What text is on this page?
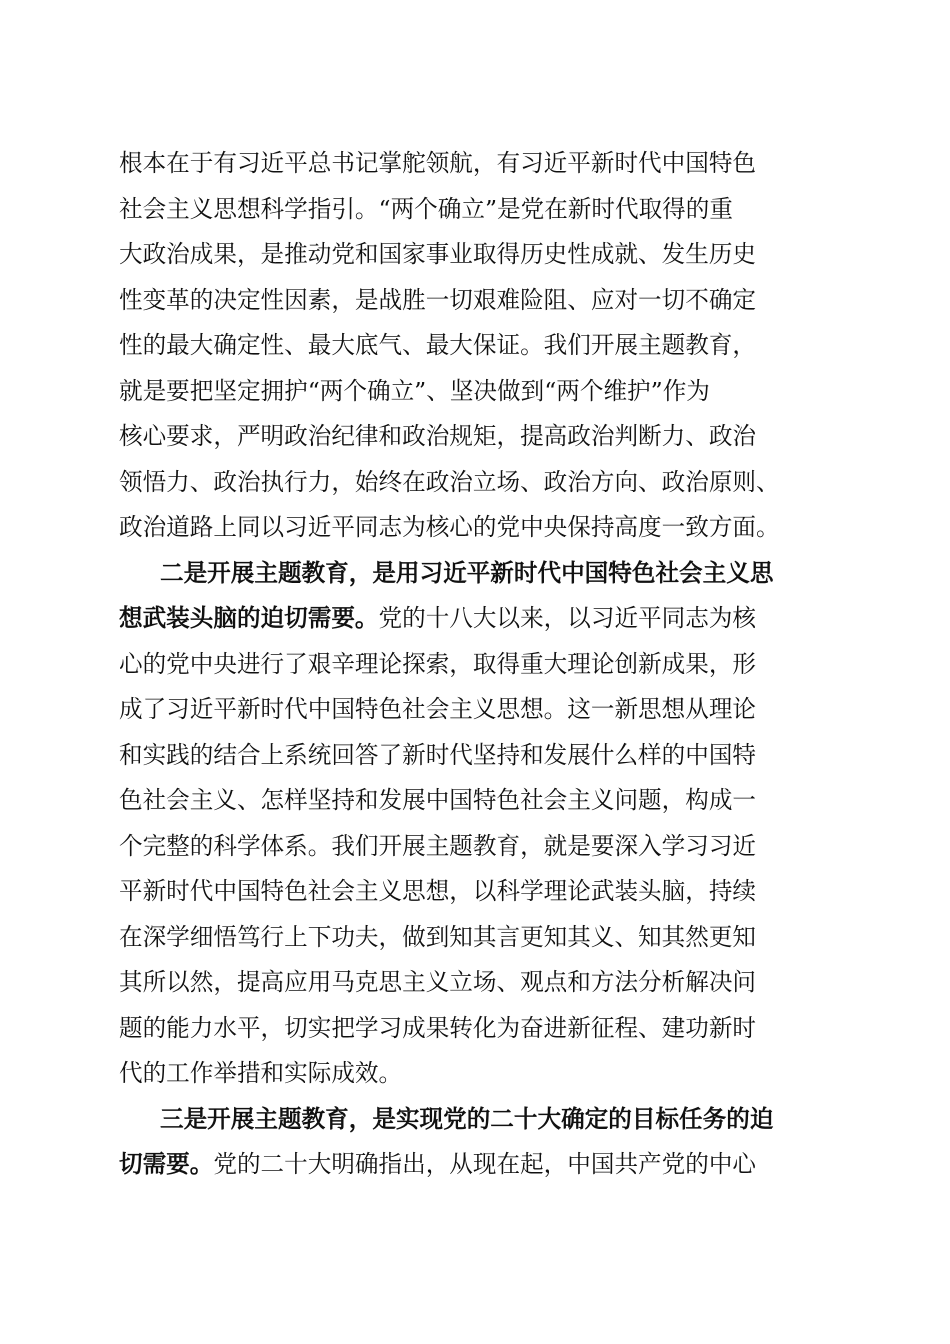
根本在于有习近平总书记掌舵领航，有习近平新时代中国特色
社会主义思想科学指引。“两个确立”是党在新时代取得的重
大政治成果，是推动党和国家事业取得历史性成就、发生历史
性变革的决定性因素，是战胜一切艰难险阻、应对一切不确定
性的最大确定性、最大底气、最大保证。我们开展主题教育，
就是要把坚定拥护“两个确立”、坚决做到“两个维护”作为
核心要求，严明政治纪律和政治规矩，提高政治判断力、政治
领悟力、政治执行力，始终在政治立场、政治方向、政治原则、
政治道路上同以习近平同志为核心的党中央保持高度一致方面。
二是开展主题教育，是用习近平新时代中国特色社会主义思
想武装头脑的迫切需要。党的十八大以来，以习近平同志为核
心的党中央进行了艰辛理论探索，取得重大理论创新成果，形
成了习近平新时代中国特色社会主义思想。这一新思想从理论
和实践的结合上系统回答了新时代坚持和发展什么样的中国特
色社会主义、怎样坚持和发展中国特色社会主义问题，构成一
个完整的科学体系。我们开展主题教育，就是要深入学习习近
平新时代中国特色社会主义思想，以科学理论武装头脑，持续
在深学细悟笃行上下功夫，做到知其言更知其义、知其然更知
其所以然，提高应用马克思主义立场、观点和方法分析解决问
题的能力水平，切实把学习成果转化为奋进新征程、建功新时
代的工作举措和实际成效。
三是开展主题教育，是实现党的二十大确定的目标任务的迫
切需要。党的二十大明确指出，从现在起，中国共产党的中心
